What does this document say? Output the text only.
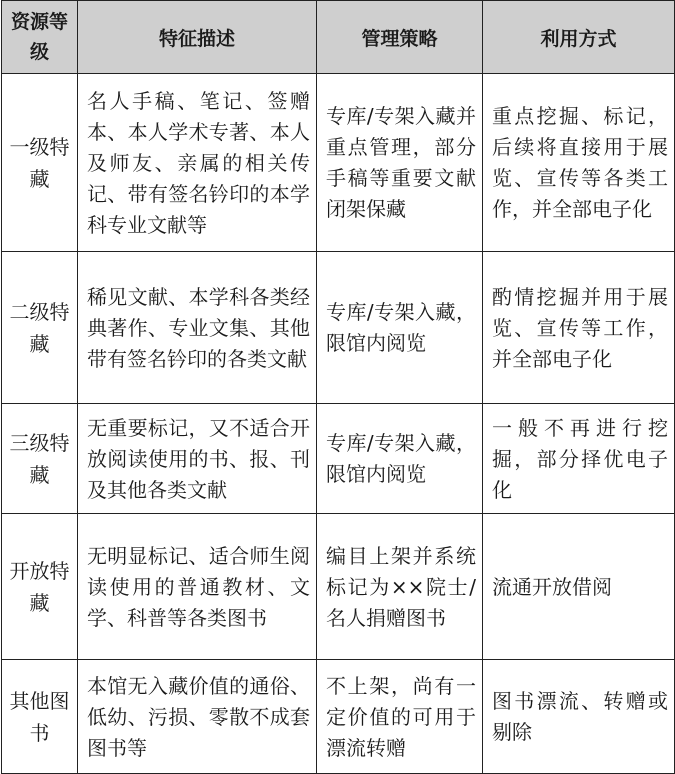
资源等级	特征描述	管理策略	利用方式
一级特藏	名人手稿、笔记、签赠本、本人学术专著、本人及师友、亲属的相关传记、带有签名钤印的本学科专业文献等	专库/专架入藏并重点管理，部分手稿等重要文献闭架保藏	重点挖掘、标记，后续将直接用于展览、宣传等各类工作，并全部电子化
二级特藏	稀见文献、本学科各类经典著作、专业文集、其他带有签名钤印的各类文献	专库/专架入藏，限馆内阅览	酌情挖掘并用于展览、宣传等工作，并全部电子化
三级特藏	无重要标记，又不适合开放阅读使用的书、报、刊及其他各类文献	专库/专架入藏，限馆内阅览	一般不再进行挖掘，部分择优电子化
开放特藏	无明显标记、适合师生阅读使用的普通教材、文学、科普等各类图书	编目上架并系统标记为××院士/名人捐赠图书	流通开放借阅
其他图书	本馆无入藏价值的通俗、低幼、污损、零散不成套图书等	不上架，尚有一定价值的可用于漂流转赠	图书漂流、转赠或剔除
